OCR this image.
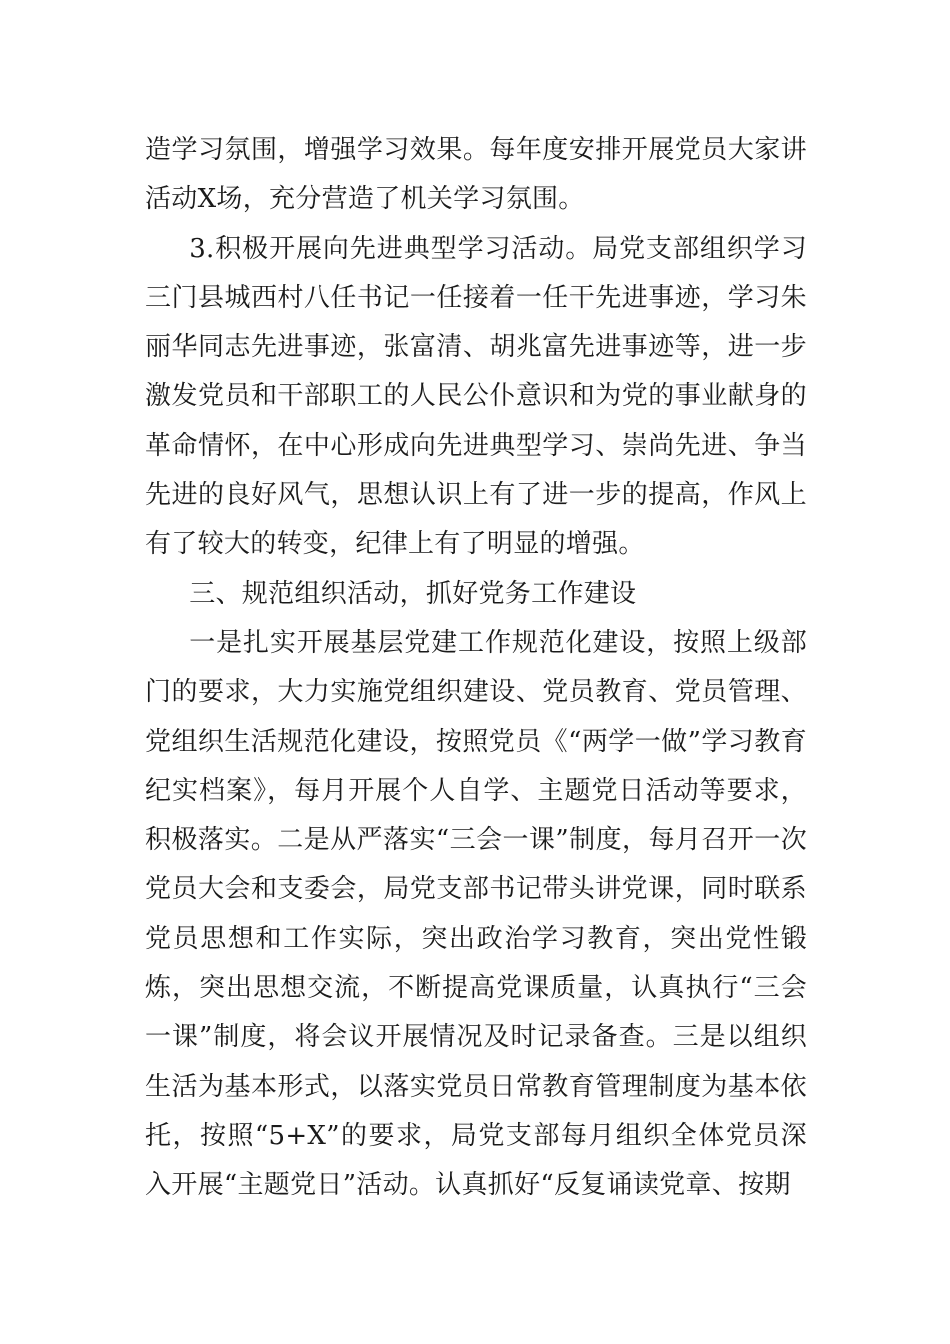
造学习氛围，增强学习效果。每年度安排开展党员大家讲活动X场，充分营造了机关学习氛围。

3.积极开展向先进典型学习活动。局党支部组织学习三门县城西村八任书记一任接着一任干先进事迹，学习朱丽华同志先进事迹，张富清、胡兆富先进事迹等，进一步激发党员和干部职工的人民公仆意识和为党的事业献身的革命情怀，在中心形成向先进典型学习、崇尚先进、争当先进的良好风气，思想认识上有了进一步的提高，作风上有了较大的转变，纪律上有了明显的增强。

三、规范组织活动，抓好党务工作建设

一是扎实开展基层党建工作规范化建设，按照上级部门的要求，大力实施党组织建设、党员教育、党员管理、党组织生活规范化建设，按照党员《“两学一做”学习教育纪实档案》，每月开展个人自学、主题党日活动等要求，积极落实。二是从严落实“三会一课”制度，每月召开一次党员大会和支委会，局党支部书记带头讲党课，同时联系党员思想和工作实际，突出政治学习教育，突出党性锻炼，突出思想交流，不断提高党课质量，认真执行“三会一课”制度，将会议开展情况及时记录备查。三是以组织生活为基本形式，以落实党员日常教育管理制度为基本依托，按照“5+X”的要求，局党支部每月组织全体党员深入开展“主题党日”活动。认真抓好“反复诵读党章、按期
